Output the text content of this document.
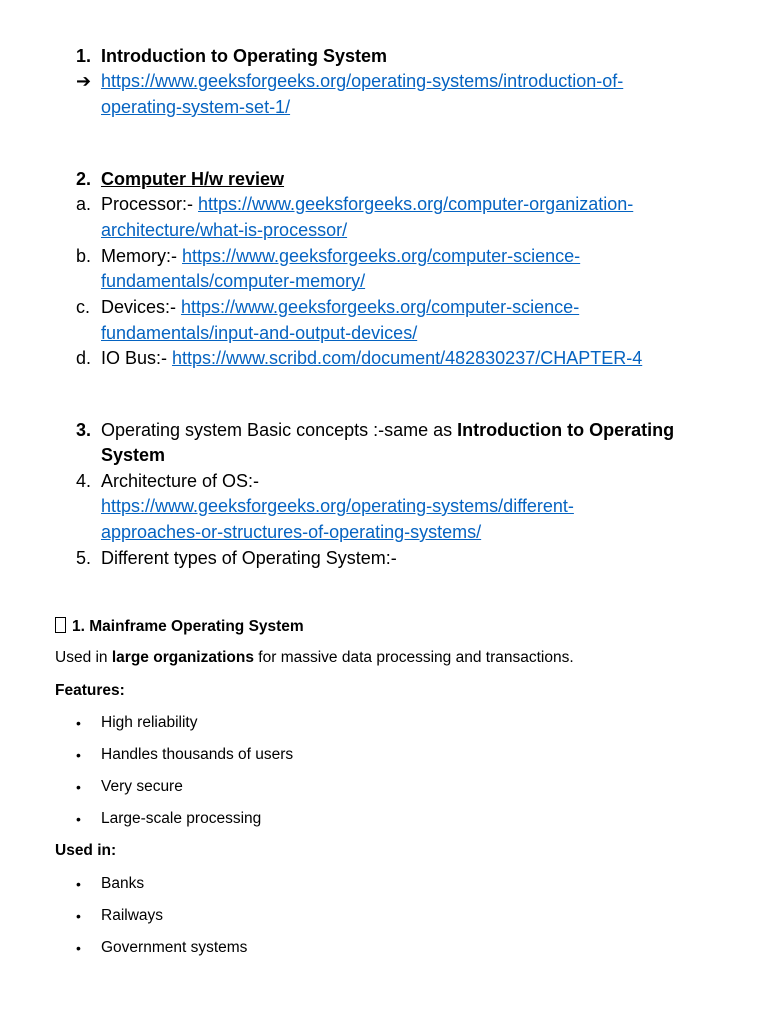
1. Introduction to Operating System
➔ https://www.geeksforgeeks.org/operating-systems/introduction-of-
operating-system-set-1/
2. Computer H/w review
a. Processor:- https://www.geeksforgeeks.org/computer-organization-
architecture/what-is-processor/
b. Memory:- https://www.geeksforgeeks.org/computer-science-
fundamentals/computer-memory/
c. Devices:- https://www.geeksforgeeks.org/computer-science-
fundamentals/input-and-output-devices/
d. IO Bus:- https://www.scribd.com/document/482830237/CHAPTER-4
3. Operating system Basic concepts :-same as Introduction to Operating
System
4. Architecture of OS:-
https://www.geeksforgeeks.org/operating-systems/different-
approaches-or-structures-of-operating-systems/
5. Different types of Operating System:-
1. Mainframe Operating System
Used in large organizations for massive data processing and transactions.
Features:
• High reliability
• Handles thousands of users
• Very secure
• Large-scale processing
Used in:
• Banks
• Railways
• Government systems
